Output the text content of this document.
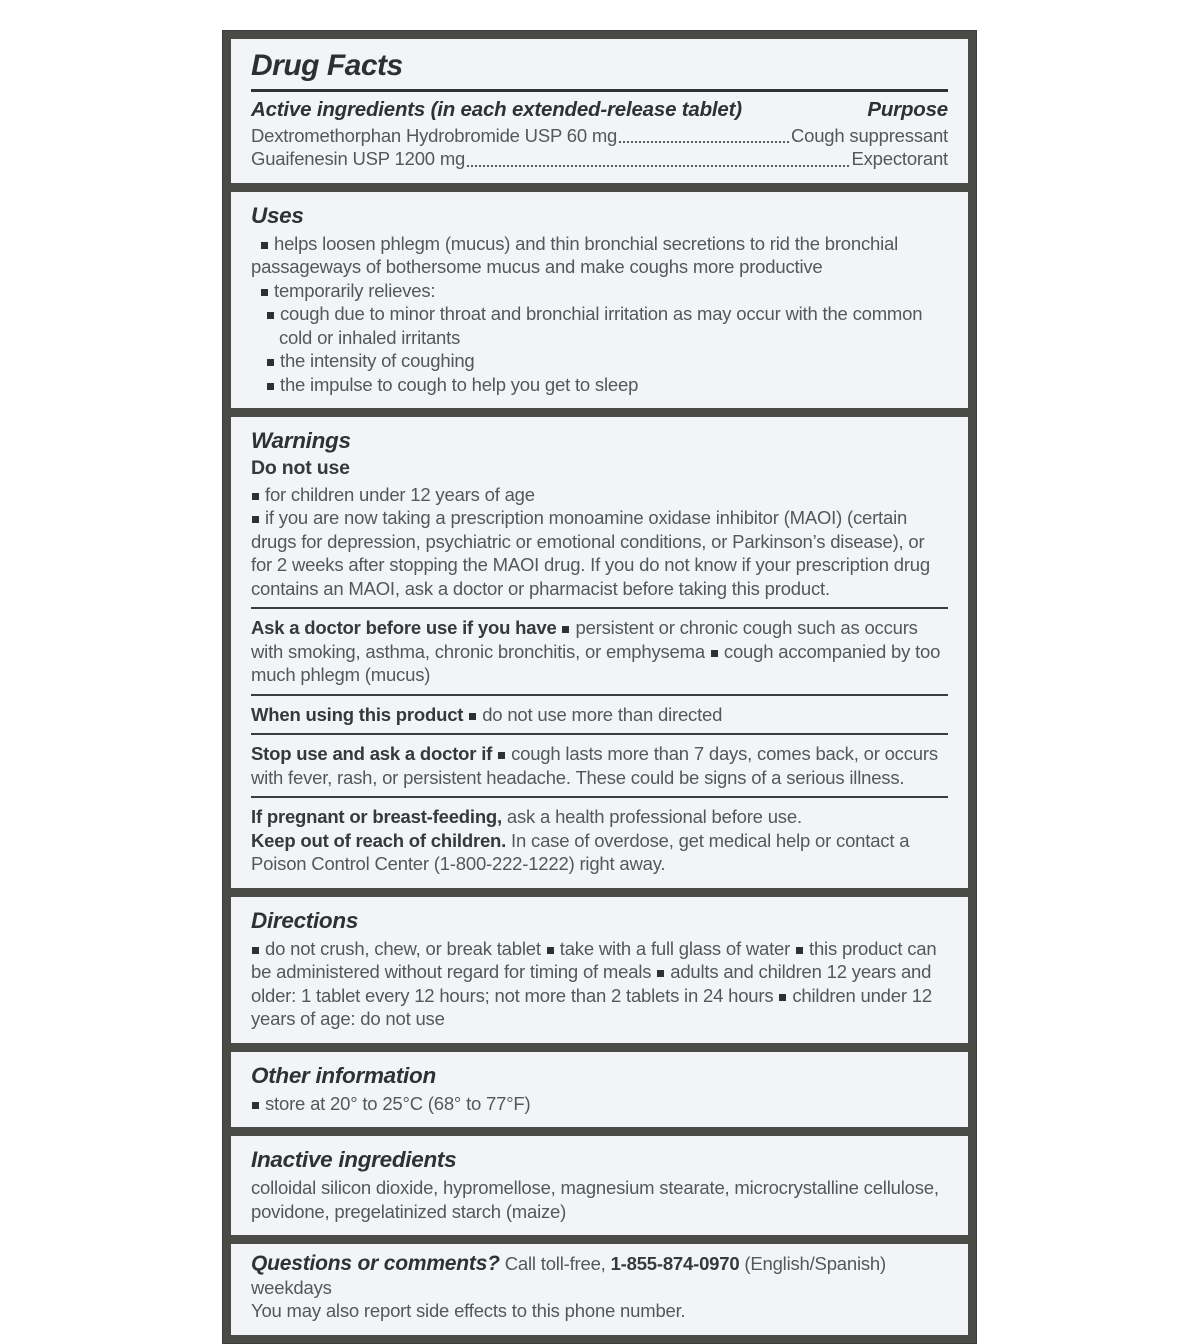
Drug Facts
Active ingredients (in each extended-release tablet)	Purpose
Dextromethorphan Hydrobromide USP 60 mg	Cough suppressant
Guaifenesin USP 1200 mg	Expectorant
Uses

helps loosen phlegm (mucus) and thin bronchial secretions to rid the bronchial passageways of bothersome mucus and make coughs more productive

temporarily relieves:

cough due to minor throat and bronchial irritation as may occur with the common cold or inhaled irritants

the intensity of coughing

the impulse to cough to help you get to sleep

Warnings

Do not use

for children under 12 years of age

if you are now taking a prescription monoamine oxidase inhibitor (MAOI) (certain drugs for depression, psychiatric or emotional conditions, or Parkinson’s disease), or for 2 weeks after stopping the MAOI drug. If you do not know if your prescription drug contains an MAOI, ask a doctor or pharmacist before taking this product.

Ask a doctor before use if you have persistent or chronic cough such as occurs with smoking, asthma, chronic bronchitis, or emphysema cough accompanied by too much phlegm (mucus)

When using this product do not use more than directed

Stop use and ask a doctor if cough lasts more than 7 days, comes back, or occurs with fever, rash, or persistent headache. These could be signs of a serious illness.

If pregnant or breast-feeding, ask a health professional before use.

Keep out of reach of children. In case of overdose, get medical help or contact a Poison Control Center (1-800-222-1222) right away.

Directions

do not crush, chew, or break tablet take with a full glass of water this product can be administered without regard for timing of meals adults and children 12 years and older: 1 tablet every 12 hours; not more than 2 tablets in 24 hours children under 12 years of age: do not use

Other information

store at 20° to 25°C (68° to 77°F)

Inactive ingredients

colloidal silicon dioxide, hypromellose, magnesium stearate, microcrystalline cellulose, povidone, pregelatinized starch (maize)

Questions or comments? Call toll-free, 1-855-874-0970 (English/Spanish) weekdays
You may also report side effects to this phone number.
